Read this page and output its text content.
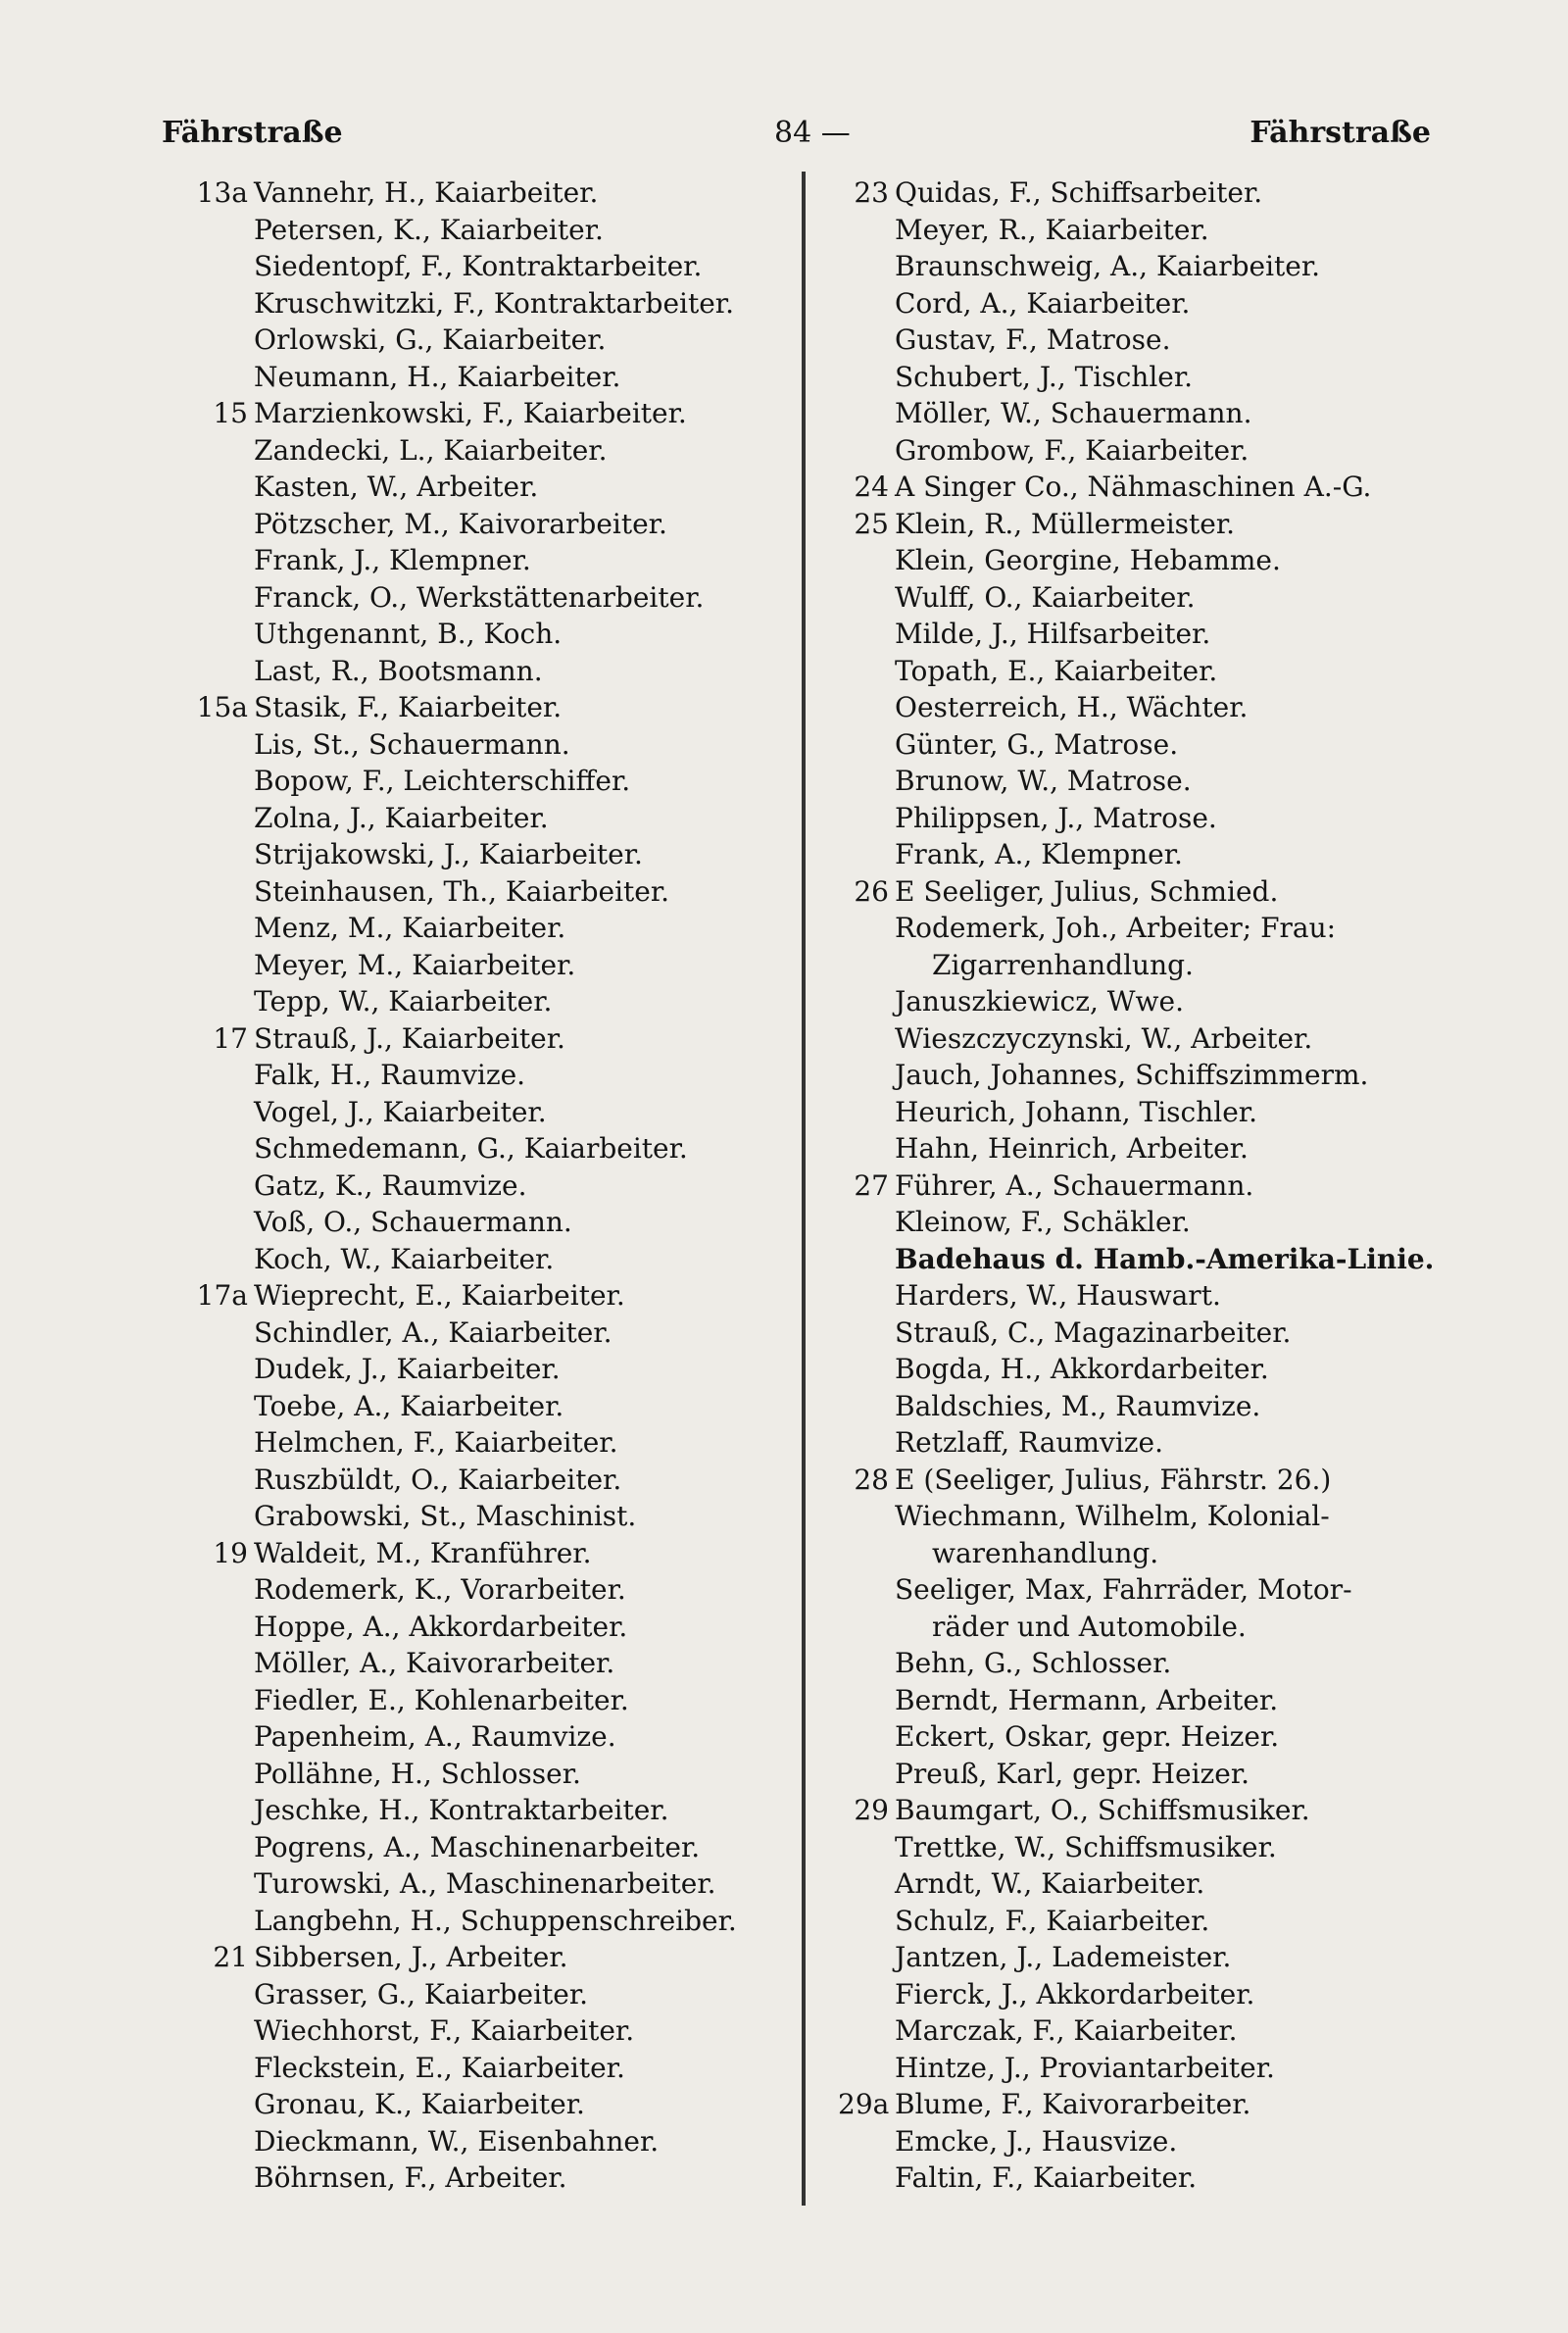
Fährstraße	84 —	Fährstraße
13a Vannehr, H., Kaiarbeiter.
Petersen, K., Kaiarbeiter.
Siedentopf, F., Kontraktarbeiter.
Kruschwitzki, F., Kontraktarbeiter.
Orlowski, G., Kaiarbeiter.
Neumann, H., Kaiarbeiter.
15 Marzienkowski, F., Kaiarbeiter.
Zandecki, L., Kaiarbeiter.
Kasten, W., Arbeiter.
Pötzscher, M., Kaivorarbeiter.
Frank, J., Klempner.
Franck, O., Werkstättenarbeiter.
Uthgenannt, B., Koch.
Last, R., Bootsmann.
15a Stasik, F., Kaiarbeiter.
Lis, St., Schauermann.
Bopow, F., Leichterschiffer.
Zolna, J., Kaiarbeiter.
Strijakowski, J., Kaiarbeiter.
Steinhausen, Th., Kaiarbeiter.
Menz, M., Kaiarbeiter.
Meyer, M., Kaiarbeiter.
Tepp, W., Kaiarbeiter.
17 Strauß, J., Kaiarbeiter.
Falk, H., Raumvize.
Vogel, J., Kaiarbeiter.
Schmedemann, G., Kaiarbeiter.
Gatz, K., Raumvize.
Voß, O., Schauermann.
Koch, W., Kaiarbeiter.
17a Wieprecht, E., Kaiarbeiter.
Schindler, A., Kaiarbeiter.
Dudek, J., Kaiarbeiter.
Toebe, A., Kaiarbeiter.
Helmchen, F., Kaiarbeiter.
Ruszbüldt, O., Kaiarbeiter.
Grabowski, St., Maschinist.
19 Waldeit, M., Kranführer.
Rodemerk, K., Vorarbeiter.
Hoppe, A., Akkordarbeiter.
Möller, A., Kaivorarbeiter.
Fiedler, E., Kohlenarbeiter.
Papenheim, A., Raumvize.
Pollähne, H., Schlosser.
Jeschke, H., Kontraktarbeiter.
Pogrens, A., Maschinenarbeiter.
Turowski, A., Maschinenarbeiter.
Langbehn, H., Schuppenschreiber.
21 Sibbersen, J., Arbeiter.
Grasser, G., Kaiarbeiter.
Wiechhorst, F., Kaiarbeiter.
Fleckstein, E., Kaiarbeiter.
Gronau, K., Kaiarbeiter.
Dieckmann, W., Eisenbahner.
Böhrnsen, F., Arbeiter.
23 Quidas, F., Schiffsarbeiter.
Meyer, R., Kaiarbeiter.
Braunschweig, A., Kaiarbeiter.
Cord, A., Kaiarbeiter.
Gustav, F., Matrose.
Schubert, J., Tischler.
Möller, W., Schauermann.
Grombow, F., Kaiarbeiter.
24 A Singer Co., Nähmaschinen A.-G.
25 Klein, R., Müllermeister.
Klein, Georgine, Hebamme.
Wulff, O., Kaiarbeiter.
Milde, J., Hilfsarbeiter.
Topath, E., Kaiarbeiter.
Oesterreich, H., Wächter.
Günter, G., Matrose.
Brunow, W., Matrose.
Philippsen, J., Matrose.
Frank, A., Klempner.
26 E Seeliger, Julius, Schmied.
Rodemerk, Joh., Arbeiter; Frau:
Zigarrenhandlung.
Januszkiewicz, Wwe.
Wieszczyczynski, W., Arbeiter.
Jauch, Johannes, Schiffszimmerm.
Heurich, Johann, Tischler.
Hahn, Heinrich, Arbeiter.
27 Führer, A., Schauermann.
Kleinow, F., Schäkler.
Badehaus d. Hamb.-Amerika-Linie.
Harders, W., Hauswart.
Strauß, C., Magazinarbeiter.
Bogda, H., Akkordarbeiter.
Baldschies, M., Raumvize.
Retzlaff, Raumvize.
28 E (Seeliger, Julius, Fährstr. 26.)
Wiechmann, Wilhelm, Kolonial-
warenhandlung.
Seeliger, Max, Fahrräder, Motor-
räder und Automobile.
Behn, G., Schlosser.
Berndt, Hermann, Arbeiter.
Eckert, Oskar, gepr. Heizer.
Preuß, Karl, gepr. Heizer.
29 Baumgart, O., Schiffsmusiker.
Trettke, W., Schiffsmusiker.
Arndt, W., Kaiarbeiter.
Schulz, F., Kaiarbeiter.
Jantzen, J., Lademeister.
Fierck, J., Akkordarbeiter.
Marczak, F., Kaiarbeiter.
Hintze, J., Proviantarbeiter.
29a Blume, F., Kaivorarbeiter.
Emcke, J., Hausvize.
Faltin, F., Kaiarbeiter.
